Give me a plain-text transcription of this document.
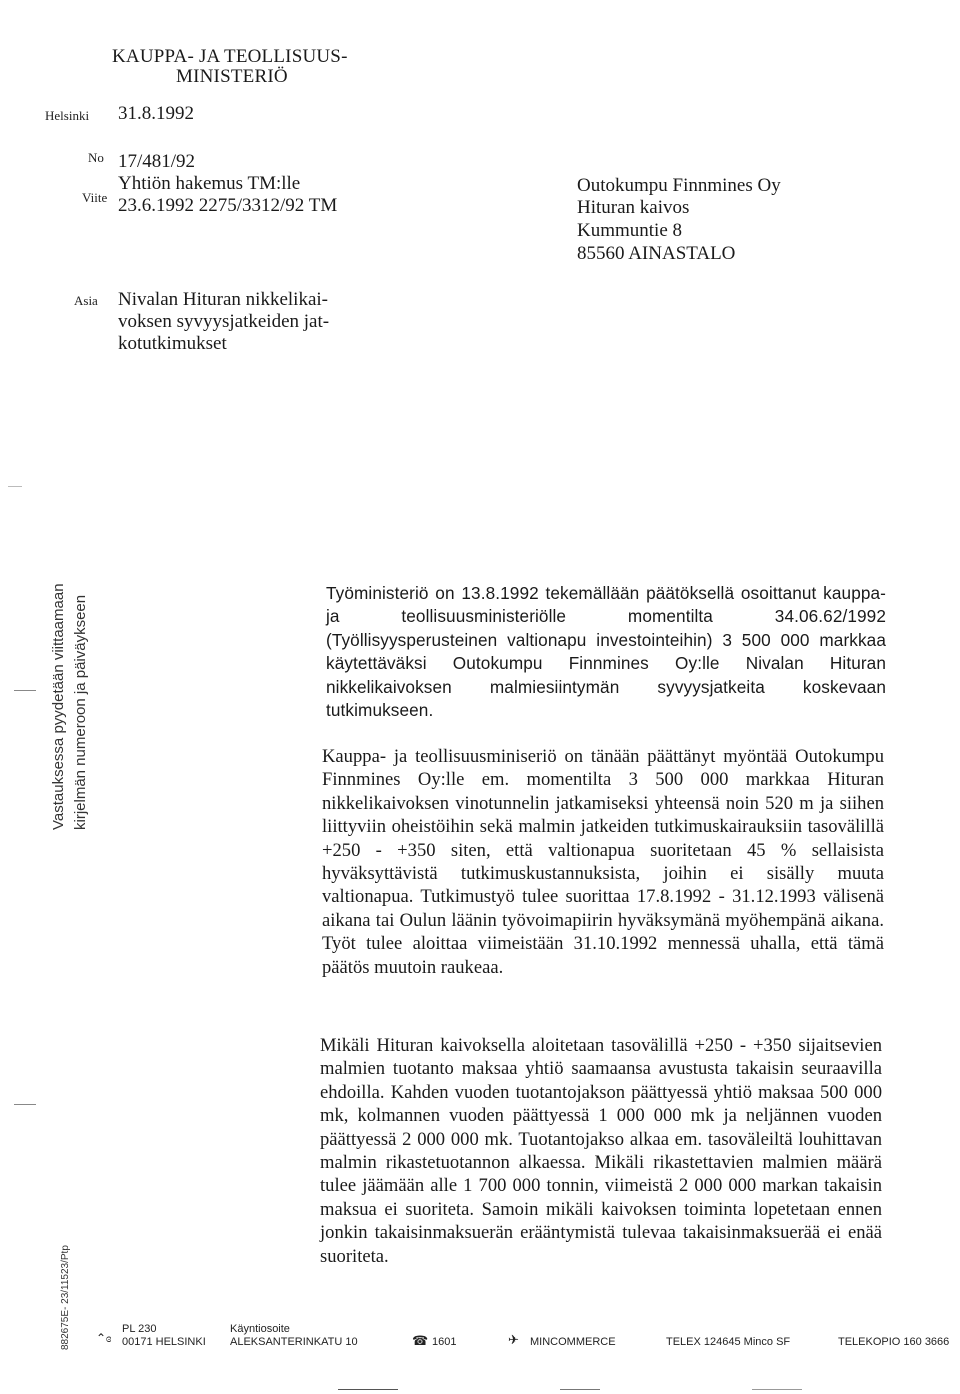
KAUPPA- JA TEOLLISUUS-
MINISTERIÖ
Helsinki 31.8.1992
No 17/481/92
Viite
Yhtiön hakemus TM:lle
23.6.1992 2275/3312/92 TM
Outokumpu Finnmines Oy
Hituran kaivos
Kummuntie 8
85560 AINASTALO
Asia Nivalan Hituran nikkelikai-
voksen syvyysjatkeiden jat-
kotutkimukset
Vastauksessa pyydetään viittaamaan kirjelmän numeroon ja päiväykseen
882675E- 23/11523/Ptp

Työministeriö on 13.8.1992 tekemällään päätöksellä osoittanut kauppa- ja teollisuusministeriölle momentilta 34.06.62/1992 (Työllisyysperusteinen valtionapu investointeihin) 3 500 000 markkaa käytettäväksi Outokumpu Finnmines Oy:lle Nivalan Hituran nikkelikaivoksen malmiesiintymän syvyysjatkeita koskevaan tutkimukseen.

Kauppa- ja teollisuusminiseriö on tänään päättänyt myöntää Outokumpu Finnmines Oy:lle em. momentilta 3 500 000 markkaa Hituran nikkelikaivoksen vinotunnelin jatkamiseksi yhteensä noin 520 m ja siihen liittyviin oheistöihin sekä malmin jatkeiden tutkimuskairauksiin tasovälillä +250 - +350 siten, että valtionapua suoritetaan 45 % sellaisista hyväksyttävistä tutkimuskustannuksista, joihin ei sisälly muuta valtionapua. Tutkimustyö tulee suorittaa 17.8.1992 - 31.12.1993 välisenä aikana tai Oulun läänin työvoimapiirin hyväksymänä myöhempänä aikana. Työt tulee aloittaa viimeistään 31.10.1992 mennessä uhalla, että tämä päätös muutoin raukeaa.

Mikäli Hituran kaivoksella aloitetaan tasovälillä +250 - +350 sijaitsevien malmien tuotanto maksaa yhtiö saamaansa avustusta takaisin seuraavilla ehdoilla. Kahden vuoden tuotantojakson päättyessä yhtiö maksaa 500 000 mk, kolmannen vuoden päättyessä 1 000 000 mk ja neljännen vuoden päättyessä 2 000 000 mk. Tuotantojakso alkaa em. tasoväleiltä louhittavan malmin rikastetuotannon alkaessa. Mikäli rikastettavien malmien määrä tulee jäämään alle 1 700 000 tonnin, viimeistä 2 000 000 markan takaisin maksua ei suoriteta. Samoin mikäli kaivoksen toiminta lopetetaan ennen jonkin takaisinmaksuerän erääntymistä tulevaa takaisinmaksuerää ei enää suoriteta.

⌃ɞ
PL 230
00171 HELSINKI
Käyntiosoite
ALEKSANTERINKATU 10	☎ 1601	✈ MINCOMMERCE	TELEX 124645 Minco SF	TELEKOPIO 160 3666
